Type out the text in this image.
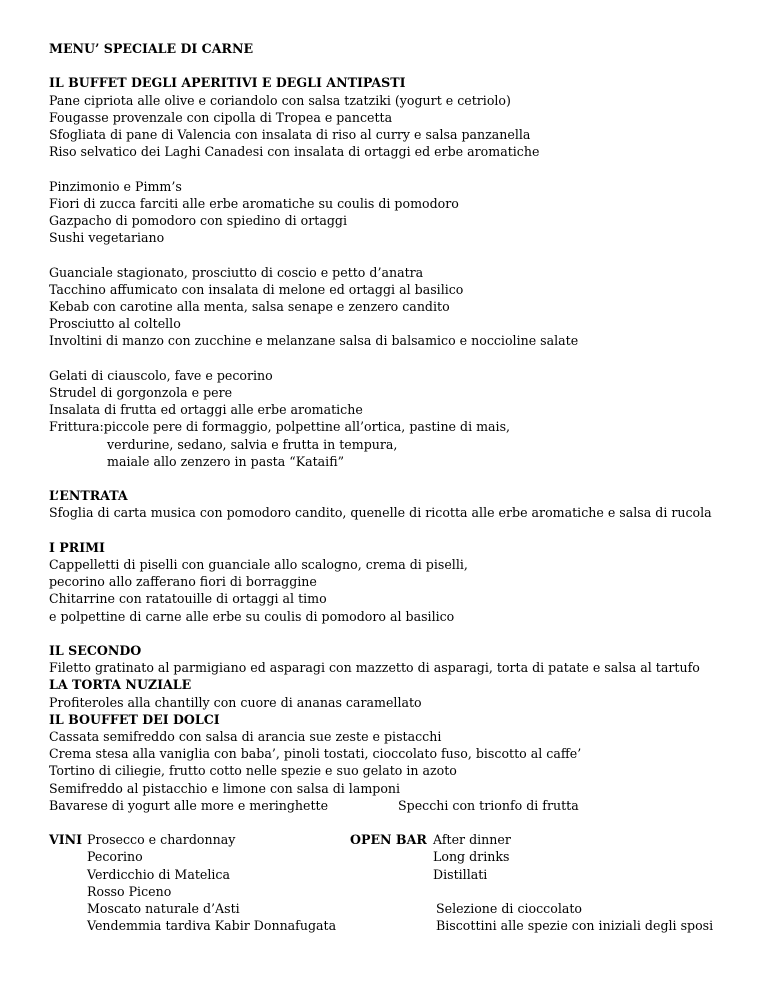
MENU’ SPECIALE DI CARNE
IL BUFFET DEGLI APERITIVI E DEGLI ANTIPASTI
Pane cipriota alle olive e coriandolo con salsa tzatziki (yogurt e cetriolo)
Fougasse provenzale con cipolla di Tropea e pancetta
Sfogliata di pane di Valencia con insalata di riso al curry e salsa panzanella
Riso selvatico dei Laghi Canadesi con insalata di ortaggi ed erbe aromatiche
Pinzimonio e Pimm’s
Fiori di zucca farciti alle erbe aromatiche su coulis di pomodoro
Gazpacho di pomodoro con spiedino di ortaggi
Sushi vegetariano
Guanciale stagionato, prosciutto di coscio e petto d’anatra
Tacchino affumicato con insalata di melone ed ortaggi al basilico
Kebab con carotine alla menta, salsa senape e zenzero candito
Prosciutto al coltello
Involtini di manzo con zucchine e melanzane salsa di balsamico e noccioline salate
Gelati di ciauscolo, fave e pecorino
Strudel di gorgonzola e pere
Insalata di frutta ed ortaggi alle erbe aromatiche
Frittura:piccole pere di formaggio, polpettine all’ortica, pastine di mais,
verdurine, sedano, salvia e frutta in tempura,
maiale allo zenzero in pasta “Kataifi”
L’ENTRATA
Sfoglia di carta musica con pomodoro candito, quenelle di ricotta alle erbe aromatiche e salsa di rucola
I PRIMI
Cappelletti di piselli con guanciale allo scalogno, crema di piselli,
pecorino allo zafferano fiori di borraggine
Chitarrine con ratatouille di ortaggi al timo
e polpettine di carne alle erbe su coulis di pomodoro al basilico
IL SECONDO
Filetto gratinato al parmigiano ed asparagi con mazzetto di asparagi, torta di patate e salsa al tartufo
LA TORTA NUZIALE
Profiteroles alla chantilly con cuore di ananas caramellato
IL BOUFFET DEI DOLCI
Cassata semifreddo con salsa di arancia sue zeste e pistacchi
Crema stesa alla vaniglia con baba’, pinoli tostati, cioccolato fuso, biscotto al caffe’
Tortino di ciliegie, frutto cotto nelle spezie e suo gelato in azoto
Semifreddo al pistacchio e limone con salsa di lamponi
Bavarese di yogurt alle more e meringhette	Specchi con trionfo di frutta
VINI Prosecco e chardonnay	OPEN BAR After dinner
Pecorino	Long drinks
Verdicchio di Matelica	Distillati
Rosso Piceno
Moscato naturale d’Asti	Selezione di cioccolato
Vendemmia tardiva Kabir Donnafugata	Biscottini alle spezie con iniziali degli sposi
